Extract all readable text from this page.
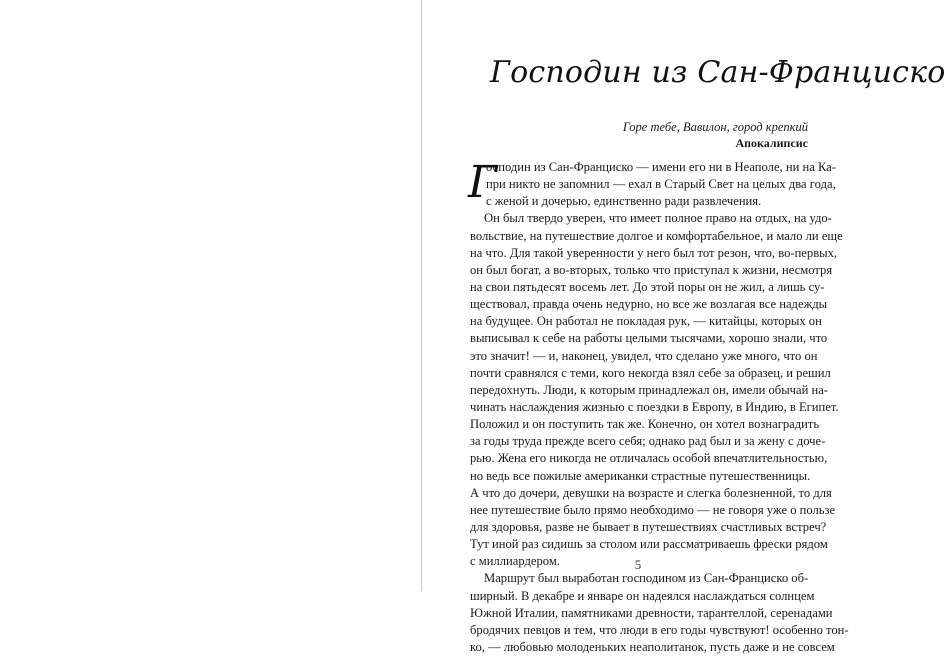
Господин из Сан-Франциско
Горе тебе, Вавилон, город крепкий
Апокалипсис
Г
осподин из Сан-Франциско — имени его ни в Неаполе, ни на Ка-
при никто не запомнил — ехал в Старый Свет на целых два года,
с женой и дочерью, единственно ради развлечения.
Он был твердо уверен, что имеет полное право на отдых, на удо-
вольствие, на путешествие долгое и комфортабельное, и мало ли еще
на что. Для такой уверенности у него был тот резон, что, во-первых,
он был богат, а во-вторых, только что приступал к жизни, несмотря
на свои пятьдесят восемь лет. До этой поры он не жил, а лишь су-
ществовал, правда очень недурно, но все же возлагая все надежды
на будущее. Он работал не покладая рук, — китайцы, которых он
выписывал к себе на работы целыми тысячами, хорошо знали, что
это значит! — и, наконец, увидел, что сделано уже много, что он
почти сравнялся с теми, кого некогда взял себе за образец, и решил
передохнуть. Люди, к которым принадлежал он, имели обычай на-
чинать наслаждения жизнью с поездки в Европу, в Индию, в Египет.
Положил и он поступить так же. Конечно, он хотел вознаградить
за годы труда прежде всего себя; однако рад был и за жену с доче-
рью. Жена его никогда не отличалась особой впечатлительностью,
но ведь все пожилые американки страстные путешественницы.
А что до дочери, девушки на возрасте и слегка болезненной, то для
нее путешествие было прямо необходимо — не говоря уже о пользе
для здоровья, разве не бывает в путешествиях счастливых встреч?
Тут иной раз сидишь за столом или рассматриваешь фрески рядом
с миллиардером.
Маршрут был выработан господином из Сан-Франциско об-
ширный. В декабре и январе он надеялся наслаждаться солнцем
Южной Италии, памятниками древности, тарантеллой, серенадами
бродячих певцов и тем, что люди в его годы чувствуют! особенно тон-
ко, — любовью молоденьких неаполитанок, пусть даже и не совсем
5
